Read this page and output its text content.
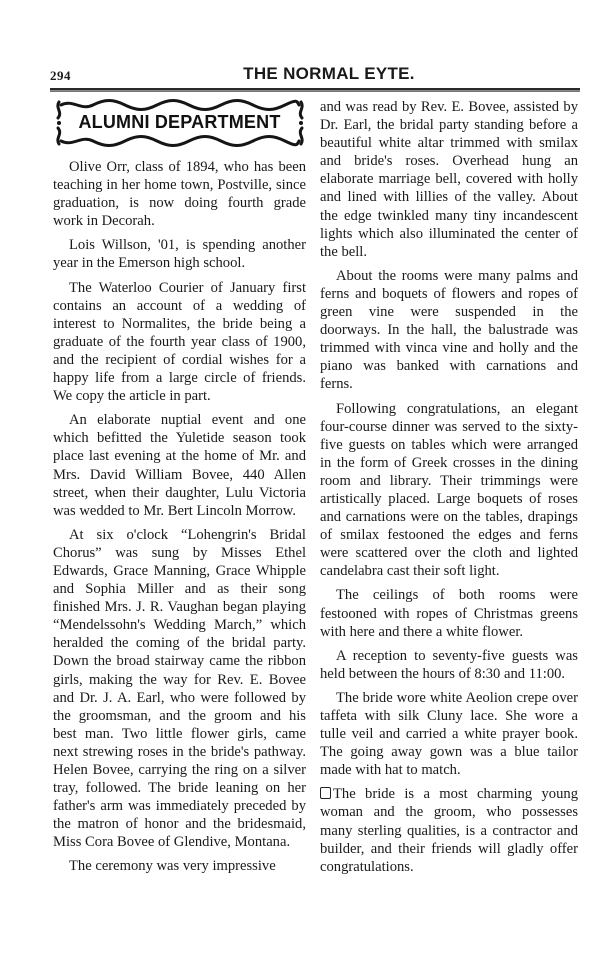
294	THE NORMAL EYTE.
ALUMNI DEPARTMENT

Olive Orr, class of 1894, who has been teaching in her home town, Postville, since graduation, is now doing fourth grade work in Decorah.

Lois Willson, '01, is spending another year in the Emerson high school.

The Waterloo Courier of January first contains an account of a wedding of interest to Normalites, the bride being a graduate of the fourth year class of 1900, and the recipient of cordial wishes for a happy life from a large circle of friends. We copy the article in part.

An elaborate nuptial event and one which befitted the Yuletide season took place last evening at the home of Mr. and Mrs. David William Bovee, 440 Allen street, when their daughter, Lulu Victoria was wedded to Mr. Bert Lincoln Morrow.

At six o'clock “Lohengrin's Bridal Chorus” was sung by Misses Ethel Edwards, Grace Manning, Grace Whipple and Sophia Miller and as their song finished Mrs. J. R. Vaughan began playing “Mendelssohn's Wedding March,” which heralded the coming of the bridal party. Down the broad stairway came the ribbon girls, making the way for Rev. E. Bovee and Dr. J. A. Earl, who were followed by the groomsman, and the groom and his best man. Two little flower girls, came next strewing roses in the bride's pathway. Helen Bovee, carrying the ring on a silver tray, followed. The bride leaning on her father's arm was immediately preceded by the matron of honor and the bridesmaid, Miss Cora Bovee of Glendive, Montana.

The ceremony was very impressive

and was read by Rev. E. Bovee, assisted by Dr. Earl, the bridal party standing before a beautiful white altar trimmed with smilax and bride's roses. Overhead hung an elaborate marriage bell, covered with holly and lined with lillies of the valley. About the edge twinkled many tiny incandescent lights which also illuminated the center of the bell.

About the rooms were many palms and ferns and boquets of flowers and ropes of green vine were suspended in the doorways. In the hall, the balustrade was trimmed with vinca vine and holly and the piano was banked with carnations and ferns.

Following congratulations, an elegant four-course dinner was served to the sixty-five guests on tables which were arranged in the form of Greek crosses in the dining room and library. Their trimmings were artistically placed. Large boquets of roses and carnations were on the tables, drapings of smilax festooned the edges and ferns were scattered over the cloth and lighted candelabra cast their soft light.

The ceilings of both rooms were festooned with ropes of Christmas greens with here and there a white flower.

A reception to seventy-five guests was held between the hours of 8:30 and 11:00.

The bride wore white Aeolion crepe over taffeta with silk Cluny lace. She wore a tulle veil and carried a white prayer book. The going away gown was a blue tailor made with hat to match.

The bride is a most charming young woman and the groom, who possesses many sterling qualities, is a contractor and builder, and their friends will gladly offer congratulations.
